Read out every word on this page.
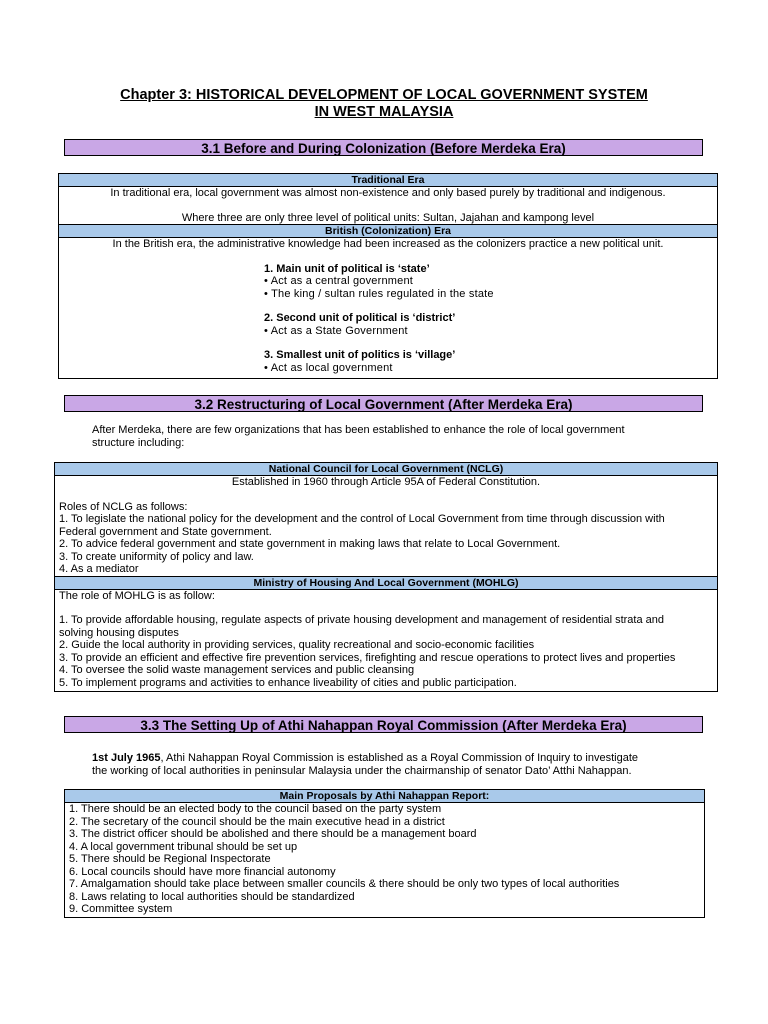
Chapter 3: HISTORICAL DEVELOPMENT OF LOCAL GOVERNMENT SYSTEM
IN WEST MALAYSIA
3.1 Before and During Colonization (Before Merdeka Era)
Traditional Era
In traditional era, local government was almost non-existence and only based purely by traditional and indigenous.
Where three are only three level of political units: Sultan, Jajahan and kampong level
British (Colonization) Era
In the British era, the administrative knowledge had been increased as the colonizers practice a new political unit.
1. Main unit of political is ‘state’
• Act as a central government
• The king / sultan rules regulated in the state
2. Second unit of political is ‘district’
• Act as a State Government
3. Smallest unit of politics is ‘village’
• Act as local government
3.2 Restructuring of Local Government (After Merdeka Era)
After Merdeka, there are few organizations that has been established to enhance the role of local government
structure including:
National Council for Local Government (NCLG)
Established in 1960 through Article 95A of Federal Constitution.
Roles of NCLG as follows:
1. To legislate the national policy for the development and the control of Local Government from time through discussion with
Federal government and State government.
2. To advice federal government and state government in making laws that relate to Local Government.
3. To create uniformity of policy and law.
4. As a mediator
Ministry of Housing And Local Government (MOHLG)
The role of MOHLG is as follow:
1. To provide affordable housing, regulate aspects of private housing development and management of residential strata and
solving housing disputes
2. Guide the local authority in providing services, quality recreational and socio-economic facilities
3. To provide an efficient and effective fire prevention services, firefighting and rescue operations to protect lives and properties
4. To oversee the solid waste management services and public cleansing
5. To implement programs and activities to enhance liveability of cities and public participation.
3.3 The Setting Up of Athi Nahappan Royal Commission (After Merdeka Era)
1st July 1965, Athi Nahappan Royal Commission is established as a Royal Commission of Inquiry to investigate
the working of local authorities in peninsular Malaysia under the chairmanship of senator Dato’ Atthi Nahappan.
Main Proposals by Athi Nahappan Report:
1. There should be an elected body to the council based on the party system
2. The secretary of the council should be the main executive head in a district
3. The district officer should be abolished and there should be a management board
4. A local government tribunal should be set up
5. There should be Regional Inspectorate
6. Local councils should have more financial autonomy
7. Amalgamation should take place between smaller councils & there should be only two types of local authorities
8. Laws relating to local authorities should be standardized
9. Committee system
